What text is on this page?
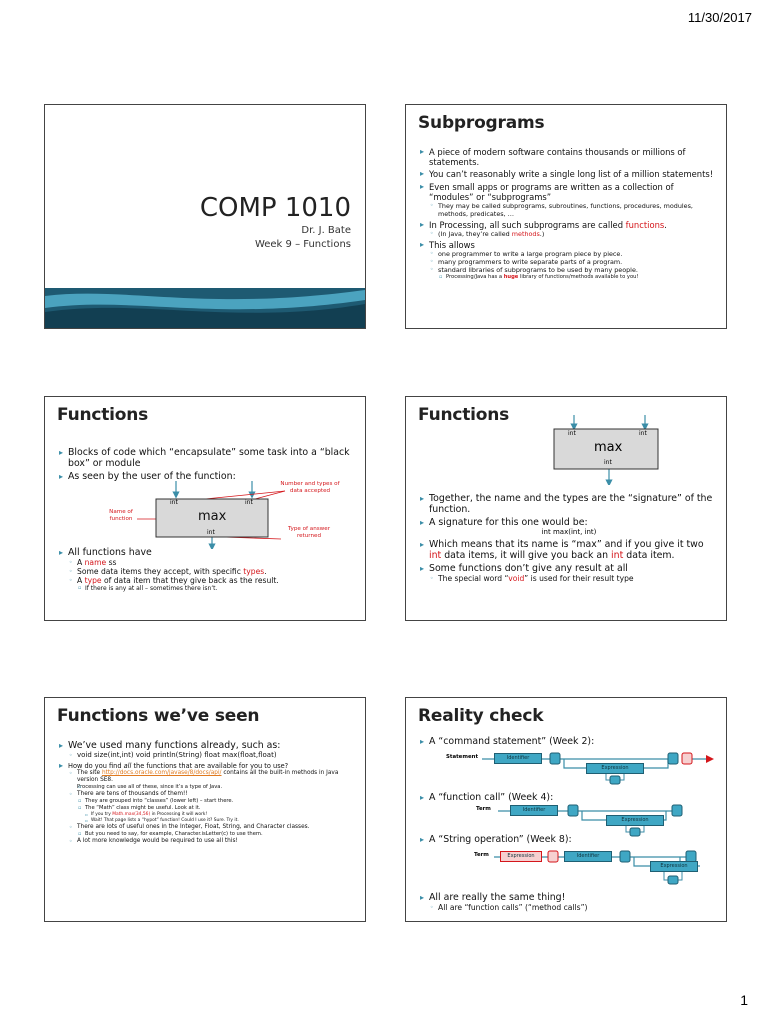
11/30/2017
COMP 1010
Dr. J. Bate
Week 9 – Functions
Subprograms
▸ A piece of modern software contains thousands or millions of statements.
▸ You can’t reasonably write a single long list of a million statements!
▸ Even small apps or programs are written as a collection of “modules” or “subprograms”
◦ They may be called subprograms, subroutines, functions, procedures, modules, methods, predicates, …
▸ In Processing, all such subprograms are called functions.
◦ (In Java, they’re called methods.)
▸ This allows
◦ one programmer to write a large program piece by piece.
◦ many programmers to write separate parts of a program.
◦ standard libraries of subprograms to be used by many people.
▫ Processing/Java has a huge library of functions/methods available to you!
Functions
▸ Blocks of code which “encapsulate” some task into a “black box” or module
▸ As seen by the user of the function:
max
int	int
int
Name of function
Number and types of data accepted
Type of answer returned
▸ All functions have
◦ A name ss
◦ Some data items they accept, with specific types.
◦ A type of data item that they give back as the result.
▫ If there is any at all – sometimes there isn’t.
Functions
max
int	int
int
▸ Together, the name and the types are the “signature” of the function.
▸ A signature for this one would be:
int max(int, int)
▸ Which means that its name is “max” and if you give it two int data items, it will give you back an int data item.
▸ Some functions don’t give any result at all
◦ The special word “void” is used for their result type
Functions we’ve seen
▸ We’ve used many functions already, such as:
◦ void size(int,int) void println(String) float max(float,float)
▸ How do you find all the functions that are available for you to use?
◦ The site http://docs.oracle.com/javase/8/docs/api/ contains all the built-in methods in Java version SE8.
▫ Processing can use all of these, since it’s a type of Java.
◦ There are tens of thousands of them!!
▫ They are grouped into “classes” (lower left) – start there.
▫ The “Math” class might be useful. Look at it.
▫ If you try Math.max(34,56) in Processing it will work!
▫ Wait! That page lists a “hypot” function! Could I use it? Sure. Try it.
◦ There are lots of useful ones in the Integer, Float, String, and Character classes.
▫ But you need to say, for example, Character.isLetter(c) to use them.
◦ A lot more knowledge would be required to use all this!
Reality check
▸ A “command statement” (Week 2):
Statement	Identifier
Expression
▸ A “function call” (Week 4):
Term	Identifier
Expression
▸ A “String operation” (Week 8):
Term	Expression	Identifier
Expression
▸ All are really the same thing!
◦ All are “function calls” (“method calls”)
1
